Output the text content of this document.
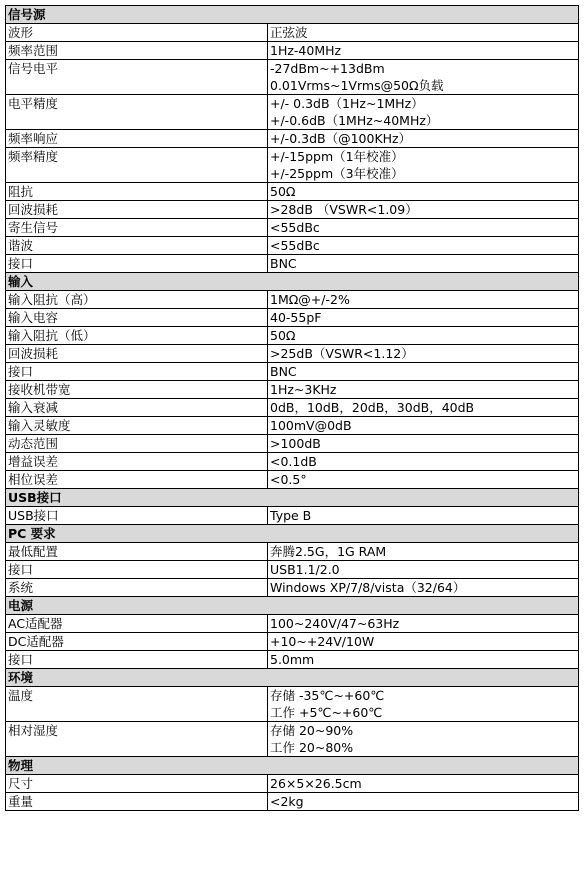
信号源	
波形	正弦波

频率范围	1Hz-40MHz

信号电平	-27dBm~+13dBm
0.01Vrms~1Vrms@50Ω负载

电平精度	+/- 0.3dB（1Hz~1MHz）
+/-0.6dB（1MHz~40MHz）

频率响应	+/-0.3dB（@100KHz）

频率精度	+/-15ppm（1年校准）
+/-25ppm（3年校准）

阻抗	50Ω

回波损耗	>28dB （VSWR<1.09）

寄生信号	<55dBc

谐波	<55dBc

接口	BNC

输入	
输入阻抗（高）	1MΩ@+/-2%

输入电容	40-55pF

输入阻抗（低）	50Ω

回波损耗	>25dB（VSWR<1.12）

接口	BNC

接收机带宽	1Hz~3KHz

输入衰减	0dB，10dB，20dB，30dB，40dB

输入灵敏度	100mV@0dB

动态范围	>100dB

增益误差	<0.1dB

相位误差	<0.5°

USB接口	
USB接口	Type B

PC 要求	
最低配置	奔腾2.5G，1G RAM

接口	USB1.1/2.0

系统	Windows XP/7/8/vista（32/64）

电源	
AC适配器	100~240V/47~63Hz

DC适配器	+10~+24V/10W

接口	5.0mm

环境	
温度	存储 -35℃~+60℃
工作 +5℃~+60℃

相对湿度	存储 20~90%
工作 20~80%

物理	
尺寸	26×5×26.5cm

重量	<2kg
